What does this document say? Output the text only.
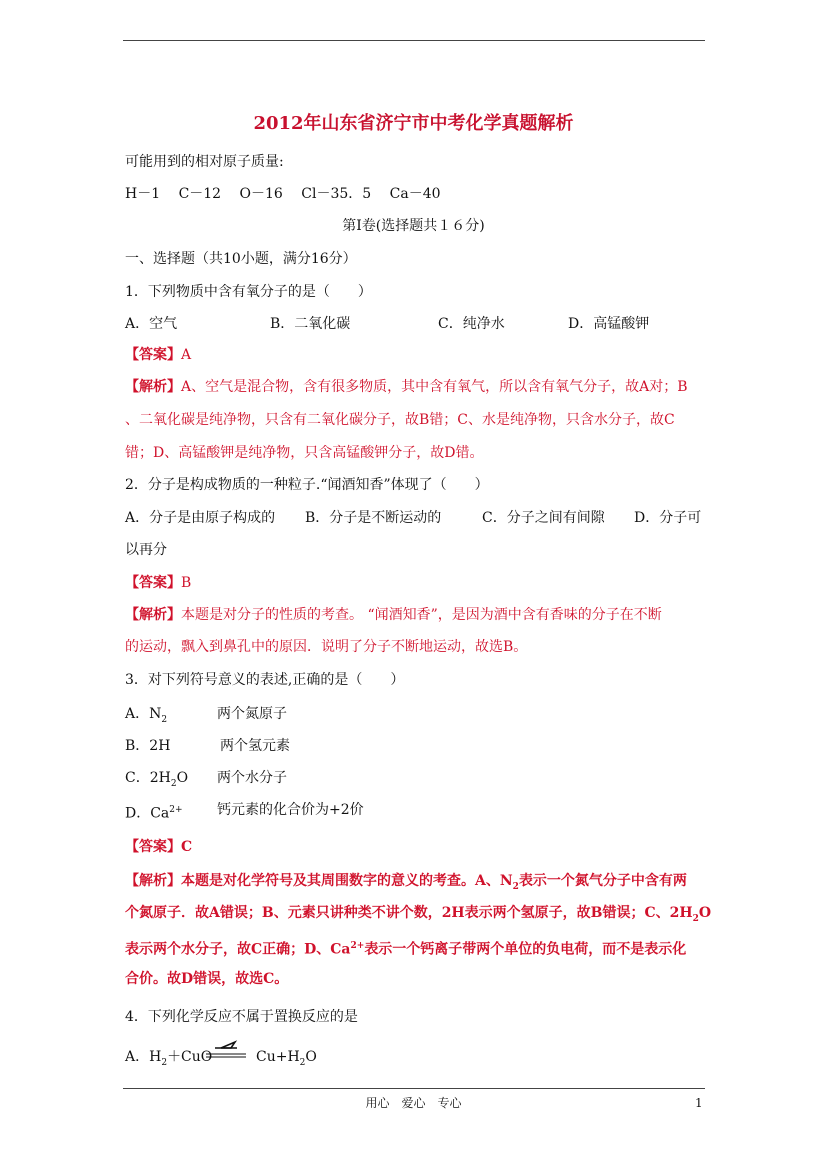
2012年山东省济宁市中考化学真题解析
可能用到的相对原子质量:
H－1　 C－12　 O－16　 Cl－35．5　 Ca－40
第Ⅰ卷(选择题共１６分)
一、选择题（共10小题，满分16分）
1．下列物质中含有氧分子的是（　　）
A．空气	B．二氧化碳	C．纯净水	D．高锰酸钾
【答案】A
【解析】A、空气是混合物，含有很多物质，其中含有氧气，所以含有氧气分子，故A对；B
、二氧化碳是纯净物，只含有二氧化碳分子，故B错；C、水是纯净物，只含水分子，故C
错；D、高锰酸钾是纯净物，只含高锰酸钾分子，故D错。
2．分子是构成物质的一种粒子.“闻酒知香”体现了（　　）
A．分子是由原子构成的 B．分子是不断运动的	C．分子之间有间隙 D．分子可
以再分
【答案】B
【解析】本题是对分子的性质的考查。 “闻酒知香”，是因为酒中含有香味的分子在不断
的运动，飘入到鼻孔中的原因．说明了分子不断地运动，故选B。
3．对下列符号意义的表述,正确的是（　　）
A．$N_2$	两个氮原子
B．2H	两个氢元素
C．$2H_2O$ 两个水分子
D．$Ca^{2+}$ 钙元素的化合价为+2价
【答案】C
【解析】本题是对化学符号及其周围数字的意义的考查。A、$N_2$表示一个氮气分子中含有两
个氮原子．故A错误；B、元素只讲种类不讲个数，2H表示两个氢原子，故B错误；C、$2H_2O$
表示两个水分子，故C正确；D、$Ca^{2+}$表示一个钙离子带两个单位的负电荷，而不是表示化
合价。故D错误，故选C。
4．下列化学反应不属于置换反应的是
A．$H_2+CuO$	$Cu+H_2O$
用心　爱心　专心	1
